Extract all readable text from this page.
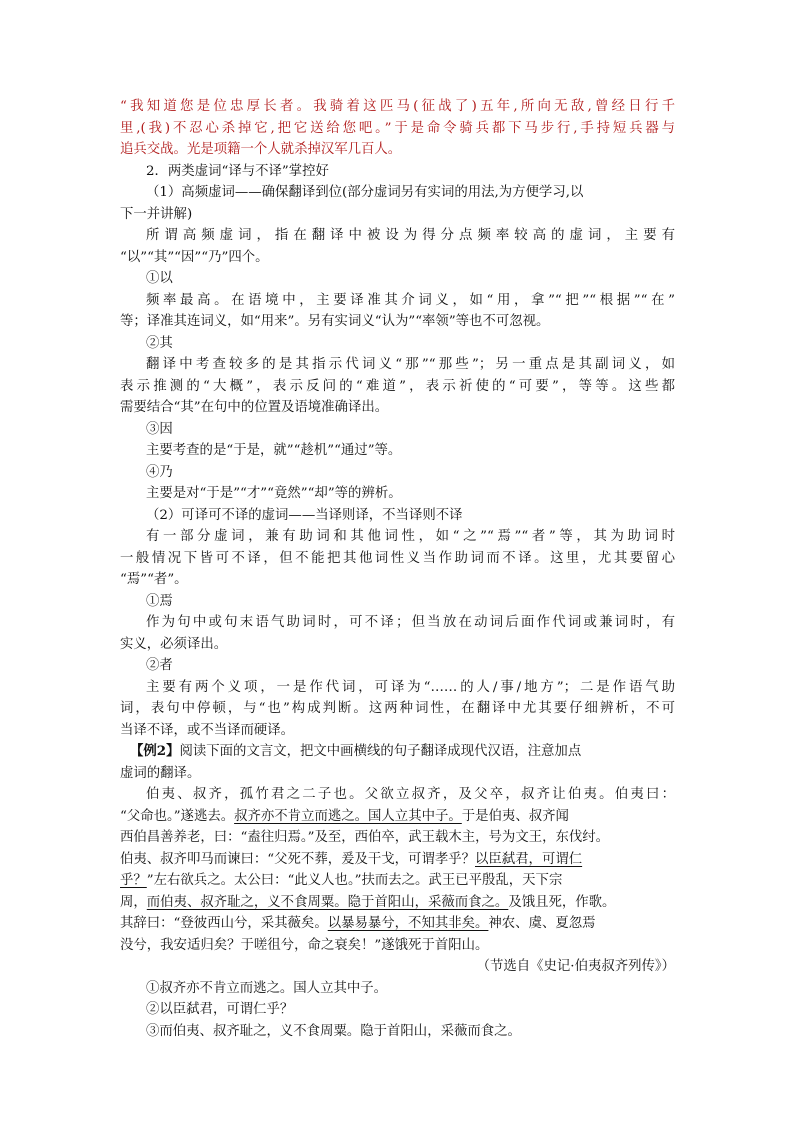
“我知道您是位忠厚长者。我骑着这匹马(征战了)五年,所向无敌,曾经日行千
里,(我)不忍心杀掉它,把它送给您吧。”于是命令骑兵都下马步行,手持短兵器与
追兵交战。光是项籍一个人就杀掉汉军几百人。
2．两类虚词“译与不译”掌控好
（1）高频虚词——确保翻译到位(部分虚词另有实词的用法,为方便学习,以
下一并讲解)
所谓高频虚词，指在翻译中被设为得分点频率较高的虚词，主要有
“以”“其”“因”“乃”四个。
①以
频率最高。在语境中，主要译准其介词义，如“用，拿”“把”“根据”“在”
等；译准其连词义，如“用来”。另有实词义“认为”“率领”等也不可忽视。
②其
翻译中考查较多的是其指示代词义“那”“那些”；另一重点是其副词义，如
表示推测的“大概”，表示反问的“难道”，表示祈使的“可要”，等等。这些都
需要结合“其”在句中的位置及语境准确译出。
③因
主要考查的是“于是，就”“趁机”“通过”等。
④乃
主要是对“于是”“才”“竟然”“却”等的辨析。
（2）可译可不译的虚词——当译则译，不当译则不译
有一部分虚词，兼有助词和其他词性，如“之”“焉”“者”等，其为助词时
一般情况下皆可不译，但不能把其他词性义当作助词而不译。这里，尤其要留心
“焉”“者”。
①焉
作为句中或句末语气助词时，可不译；但当放在动词后面作代词或兼词时，有
实义，必须译出。
②者
主要有两个义项，一是作代词，可译为“……的人/事/地方”；二是作语气助
词，表句中停顿，与“也”构成判断。这两种词性，在翻译中尤其要仔细辨析，不可
当译不译，或不当译而硬译。
【例2】阅读下面的文言文，把文中画横线的句子翻译成现代汉语，注意加点
虚词的翻译。
伯夷、叔齐，孤竹君之二子也。父欲立叔齐，及父卒，叔齐让伯夷。伯夷曰：
“父命也。”遂逃去。叔齐亦不肯立而逃之。国人立其中子。于是伯夷、叔齐闻
西伯昌善养老，曰：“盍往归焉。”及至，西伯卒，武王载木主，号为文王，东伐纣。
伯夷、叔齐叩马而谏曰：“父死不葬，爰及干戈，可谓孝乎？以臣弑君，可谓仁
乎？”左右欲兵之。太公曰：“此义人也。”扶而去之。武王已平殷乱，天下宗
周，而伯夷、叔齐耻之，义不食周粟。隐于首阳山，采薇而食之。及饿且死，作歌。
其辞曰：“登彼西山兮，采其薇矣。以暴易暴兮，不知其非矣。神农、虞、夏忽焉
没兮，我安适归矣？于嗟徂兮，命之衰矣！”遂饿死于首阳山。
（节选自《史记·伯夷叔齐列传》）
①叔齐亦不肯立而逃之。国人立其中子。
②以臣弑君，可谓仁乎？
③而伯夷、叔齐耻之，义不食周粟。隐于首阳山，采薇而食之。
